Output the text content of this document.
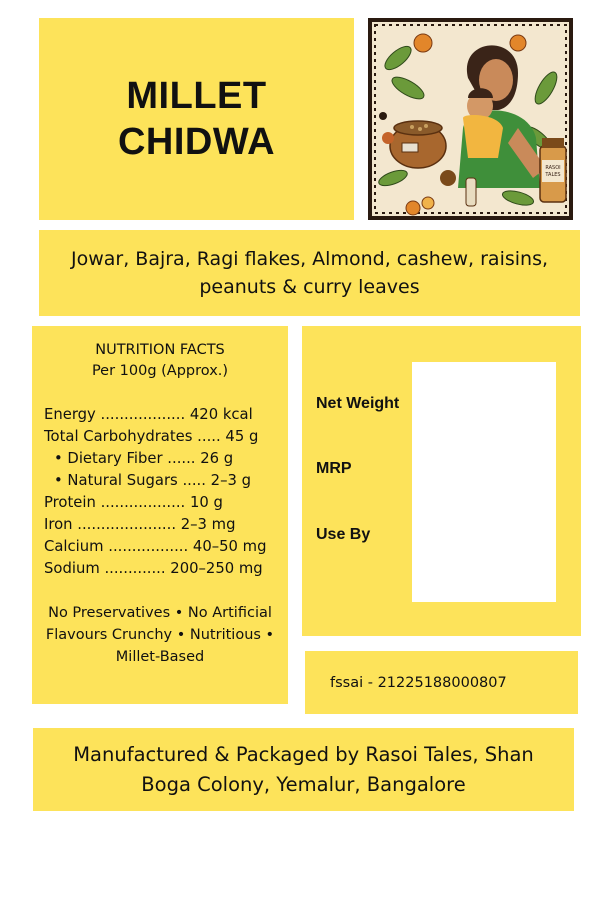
MILLET
CHIDWA
RASOI
TALES
Jowar, Bajra, Ragi flakes, Almond, cashew, raisins, peanuts & curry leaves
NUTRITION FACTS
Per 100g (Approx.)
Energy .................. 420 kcal
Total Carbohydrates ..... 45 g
• Dietary Fiber ...... 26 g
• Natural Sugars ..... 2–3 g
Protein .................. 10 g
Iron ..................... 2–3 mg
Calcium ................. 40–50 mg
Sodium ............. 200–250 mg
No Preservatives • No Artificial Flavours Crunchy • Nutritious • Millet-Based
Net Weight
MRP
Use By
fssai - 21225188000807
Manufactured & Packaged by Rasoi Tales, Shan Boga Colony, Yemalur, Bangalore
